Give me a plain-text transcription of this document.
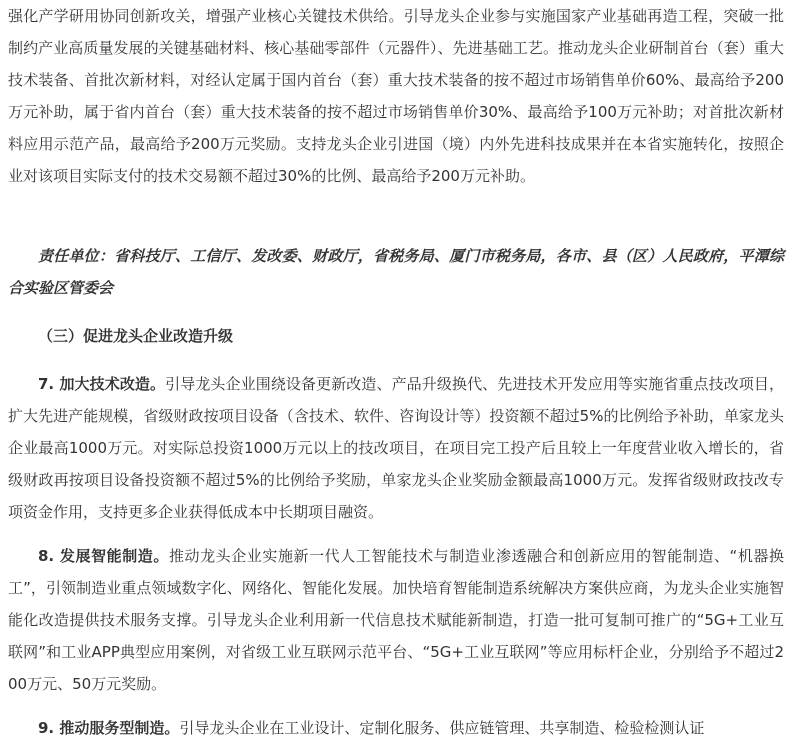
强化产学研用协同创新攻关，增强产业核心关键技术供给。引导龙头企业参与实施国家产业基础再造工程，突破一批制约产业高质量发展的关键基础材料、核心基础零部件（元器件）、先进基础工艺。推动龙头企业研制首台（套）重大技术装备、首批次新材料，对经认定属于国内首台（套）重大技术装备的按不超过市场销售单价60%、最高给予200万元补助，属于省内首台（套）重大技术装备的按不超过市场销售单价30%、最高给予100万元补助；对首批次新材料应用示范产品，最高给予200万元奖励。支持龙头企业引进国（境）内外先进科技成果并在本省实施转化，按照企业对该项目实际支付的技术交易额不超过30%的比例、最高给予200万元补助。

责任单位：省科技厅、工信厅、发改委、财政厅，省税务局、厦门市税务局，各市、县（区）人民政府，平潭综合实验区管委会

（三）促进龙头企业改造升级

7. 加大技术改造。引导龙头企业围绕设备更新改造、产品升级换代、先进技术开发应用等实施省重点技改项目，扩大先进产能规模，省级财政按项目设备（含技术、软件、咨询设计等）投资额不超过5%的比例给予补助，单家龙头企业最高1000万元。对实际总投资1000万元以上的技改项目，在项目完工投产后且较上一年度营业收入增长的，省级财政再按项目设备投资额不超过5%的比例给予奖励，单家龙头企业奖励金额最高1000万元。发挥省级财政技改专项资金作用，支持更多企业获得低成本中长期项目融资。

8. 发展智能制造。推动龙头企业实施新一代人工智能技术与制造业渗透融合和创新应用的智能制造、“机器换工”，引领制造业重点领域数字化、网络化、智能化发展。加快培育智能制造系统解决方案供应商，为龙头企业实施智能化改造提供技术服务支撑。引导龙头企业利用新一代信息技术赋能新制造，打造一批可复制可推广的“5G+工业互联网”和工业APP典型应用案例，对省级工业互联网示范平台、“5G+工业互联网”等应用标杆企业，分别给予不超过200万元、50万元奖励。

9. 推动服务型制造。引导龙头企业在工业设计、定制化服务、供应链管理、共享制造、检验检测认证
